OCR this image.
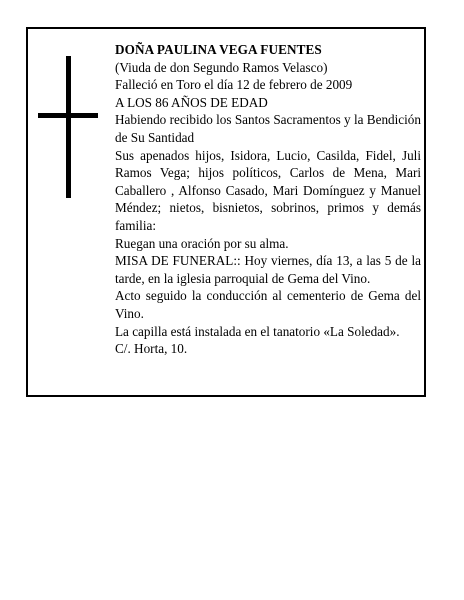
DOÑA PAULINA VEGA FUENTES

(Viuda de don Segundo Ramos Velasco)

Falleció en Toro el día 12 de febrero de 2009

A LOS 86 AÑOS DE EDAD

Habiendo recibido los Santos Sacramentos y la Bendición de Su Santidad

Sus apenados hijos, Isidora, Lucio, Casilda, Fidel, Juli Ramos Vega; hijos políticos, Carlos de Mena, Mari Caballero , Alfonso Casado, Mari Domínguez y Manuel Méndez; nietos, bisnietos, sobrinos, primos y demás familia:

Ruegan una oración por su alma.

MISA DE FUNERAL:: Hoy viernes, día 13, a las 5 de la tarde, en la iglesia parroquial de Gema del Vino.

Acto seguido la conducción al cementerio de Gema del Vino.

La capilla está instalada en el tanatorio «La Soledad».

C/. Horta, 10.
